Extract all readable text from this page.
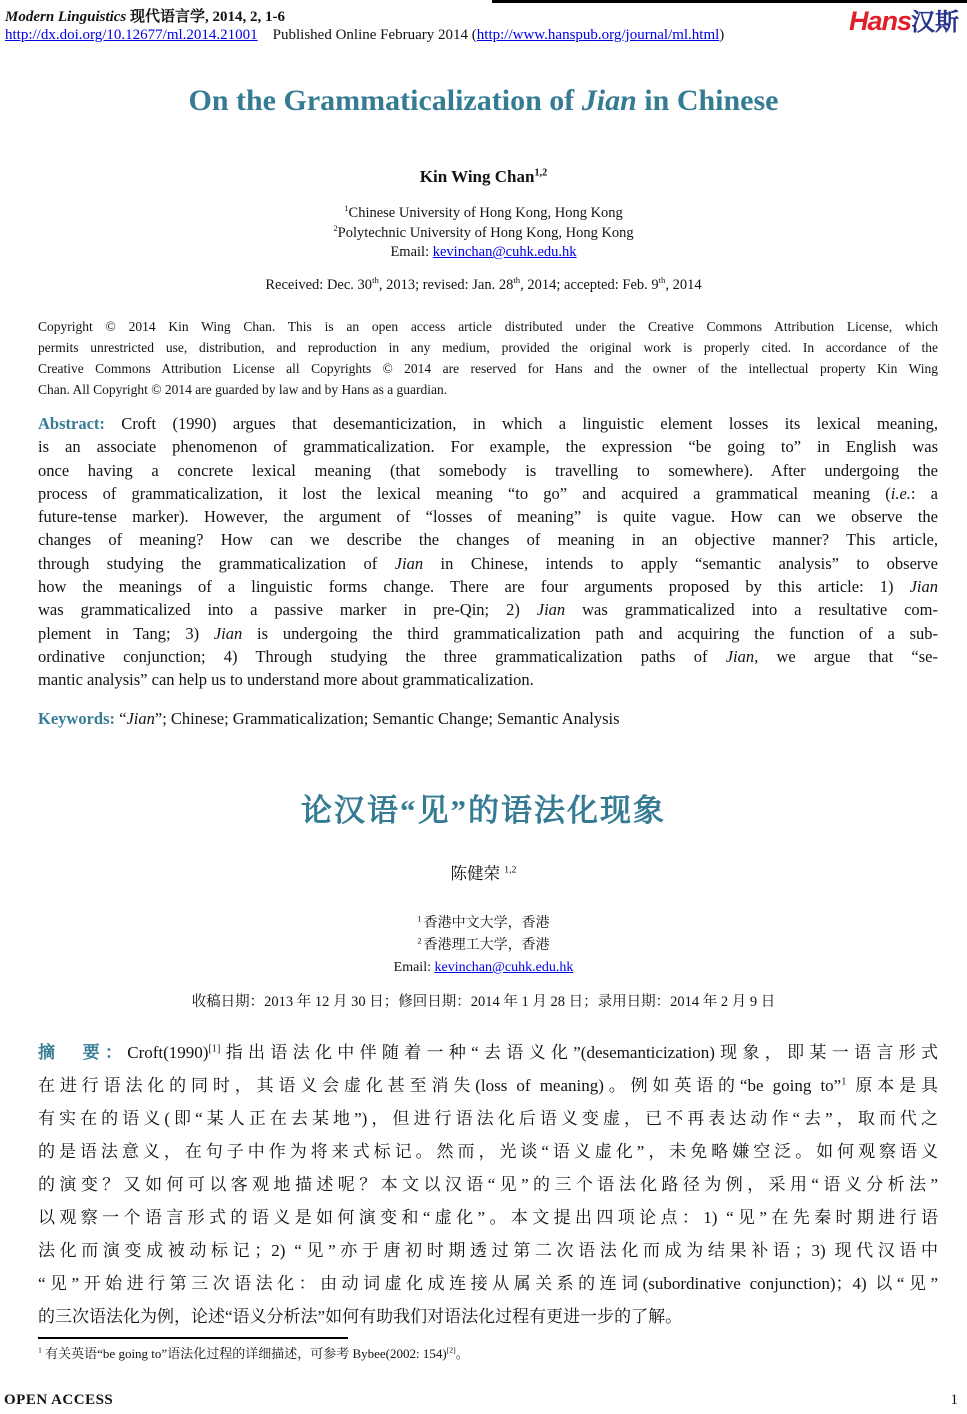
Modern Linguistics 现代语言学, 2014, 2, 1-6
http://dx.doi.org/10.12677/ml.2014.21001    Published Online February 2014 (http://www.hanspub.org/journal/ml.html)	Hans汉斯
On the Grammaticalization of Jian in Chinese
Kin Wing Chan$^{1,2}$
$^1$Chinese University of Hong Kong, Hong Kong
$^2$Polytechnic University of Hong Kong, Hong Kong
Email: kevinchan@cuhk.edu.hk
Received: Dec. 30th, 2013; revised: Jan. 28th, 2014; accepted: Feb. 9th, 2014
Copyright © 2014 Kin Wing Chan. This is an open access article distributed under the Creative Commons Attribution License, which
permits unrestricted use, distribution, and reproduction in any medium, provided the original work is properly cited. In accordance of the
Creative Commons Attribution License all Copyrights © 2014 are reserved for Hans and the owner of the intellectual property Kin Wing
Chan. All Copyright © 2014 are guarded by law and by Hans as a guardian.
Abstract: Croft (1990) argues that desemanticization, in which a linguistic element losses its lexical meaning,
is an associate phenomenon of grammaticalization. For example, the expression “be going to” in English was
once having a concrete lexical meaning (that somebody is travelling to somewhere). After undergoing the
process of grammaticalization, it lost the lexical meaning “to go” and acquired a grammatical meaning (i.e.: a
future-tense marker). However, the argument of “losses of meaning” is quite vague. How can we observe the
changes of meaning? How can we describe the changes of meaning in an objective manner? This article,
through studying the grammaticalization of Jian in Chinese, intends to apply “semantic analysis” to observe
how the meanings of a linguistic forms change. There are four arguments proposed by this article: 1) Jian
was grammaticalized into a passive marker in pre-Qin; 2) Jian was grammaticalized into a resultative com-
plement in Tang; 3) Jian is undergoing the third grammaticalization path and acquiring the function of a sub-
ordinative conjunction; 4) Through studying the three grammaticalization paths of Jian, we argue that “se-
mantic analysis” can help us to understand more about grammaticalization.
Keywords: “Jian”; Chinese; Grammaticalization; Semantic Change; Semantic Analysis
论汉语“见”的语法化现象
陈健荣 $^{1,2}$
$^1$ 香港中文大学，香港
$^2$ 香港理工大学，香港
Email: kevinchan@cuhk.edu.hk
收稿日期：2013 年 12 月 30 日；修回日期：2014 年 1 月 28 日；录用日期：2014 年 2 月 9 日
摘　要：Croft(1990)[1]指出语法化中伴随着一种“去语义化”(desemanticization)现象，即某一语言形式
在进行语法化的同时，其语义会虚化甚至消失(loss of meaning)。例如英语的“be going to”$^1$ 原本是具
有实在的语义(即“某人正在去某地”)，但进行语法化后语义变虚，已不再表达动作“去”，取而代之
的是语法意义，在句子中作为将来式标记。然而，光谈“语义虚化”，未免略嫌空泛。如何观察语义
的演变？又如何可以客观地描述呢？本文以汉语“见”的三个语法化路径为例，采用“语义分析法”
以观察一个语言形式的语义是如何演变和“虚化”。本文提出四项论点：1) “见”在先秦时期进行语
法化而演变成被动标记；2) “见”亦于唐初时期透过第二次语法化而成为结果补语；3) 现代汉语中
“见”开始进行第三次语法化：由动词虚化成连接从属关系的连词(subordinative conjunction)；4) 以“见”
的三次语法化为例，论述“语义分析法”如何有助我们对语法化过程有更进一步的了解。
$^1$ 有关英语“be going to”语法化过程的详细描述，可参考 Bybee(2002: 154)[2]。
OPEN ACCESS	1
